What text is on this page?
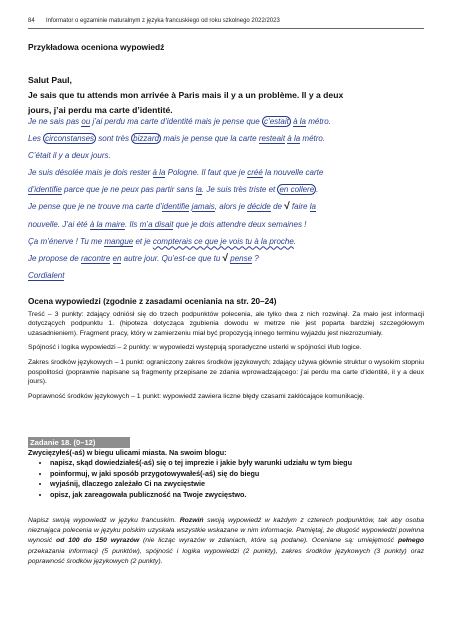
84 Informator o egzaminie maturalnym z języka francuskiego od roku szkolnego 2022/2023
Przykładowa oceniona wypowiedź
Salut Paul,
Je sais que tu attends mon arrivée à Paris mais il y a un problème. Il y a deux
jours, j’ai perdu ma carte d’identité.

Je ne sais pas ou j’ai perdu ma carte d’identité mais je pense que c’estait à la métro.

Les circonstanses sont très bizzard mais je pense que la carte resteait à la métro.

C’était il y a deux jours.

Je suis désolée mais je dois rester à la Pologne. Il faut que je créé la nouvelle carte

d’identifie parce que je ne peux pas partir sans la. Je suis très triste et en collere .

Je pense que je ne trouve ma carte d’identifie jamais, alors je décide de √ faire la

nouvelle. J’ai été à la maire. Ils m’a disait que je dois attendre deux semaines !

Ça m’énerve ! Tu me mangue et je compterais ce que je vois tu à la proche.

Je propose de racontre en autre jour. Qu’est-ce que tu √ pense ?

Cordialent

Ocena wypowiedzi (zgodnie z zasadami oceniania na str. 20–24)

Treść – 3 punkty: zdający odniósł się do trzech podpunktów polecenia, ale tylko dwa z nich rozwinął. Za mało jest informacji dotyczących podpunktu 1. (hipoteza dotycząca zgubienia dowodu w metrze nie jest poparta bardziej szczegółowym uzasadnieniem). Fragment pracy, który w zamierzeniu miał być propozycją innego terminu wyjazdu jest niezrozumiały.

Spójność i logika wypowiedzi – 2 punkty: w wypowiedzi występują sporadyczne usterki w spójności i/lub logice.

Zakres środków językowych – 1 punkt: ograniczony zakres środków językowych; zdający używa głównie struktur o wysokim stopniu pospolitości (poprawnie napisane są fragmenty przepisane ze zdania wprowadzającego: j’ai perdu ma carte d’identité, il y a deux jours).

Poprawność środków językowych – 1 punkt: wypowiedź zawiera liczne błędy czasami zakłócające komunikację.

Zadanie 18. (0–12)

Zwycięzyłeś(-aś) w biegu ulicami miasta. Na swoim blogu:

• napisz, skąd dowiedziałeś(-aś) się o tej imprezie i jakie były warunki udziału w tym biegu
• poinformuj, w jaki sposób przygotowywałeś(-aś) się do biegu
• wyjaśnij, dlaczego zależało Ci na zwycięstwie
• opisz, jak zareagowała publiczność na Twoje zwycięstwo.
Napisz swoją wypowiedź w języku francuskim. Rozwiń swoją wypowiedź w każdym z czterech podpunktów, tak aby osoba nieznająca polecenia w języku polskim uzyskała wszystkie wskazane w nim informacje. Pamiętaj, że długość wypowiedzi powinna wynosić od 100 do 150 wyrazów (nie licząc wyrazów w zdaniach, które są podane). Oceniane są: umiejętność pełnego przekazania informacji (5 punktów), spójność i logika wypowiedzi (2 punkty), zakres środków językowych (3 punkty) oraz poprawność środków językowych (2 punkty).
